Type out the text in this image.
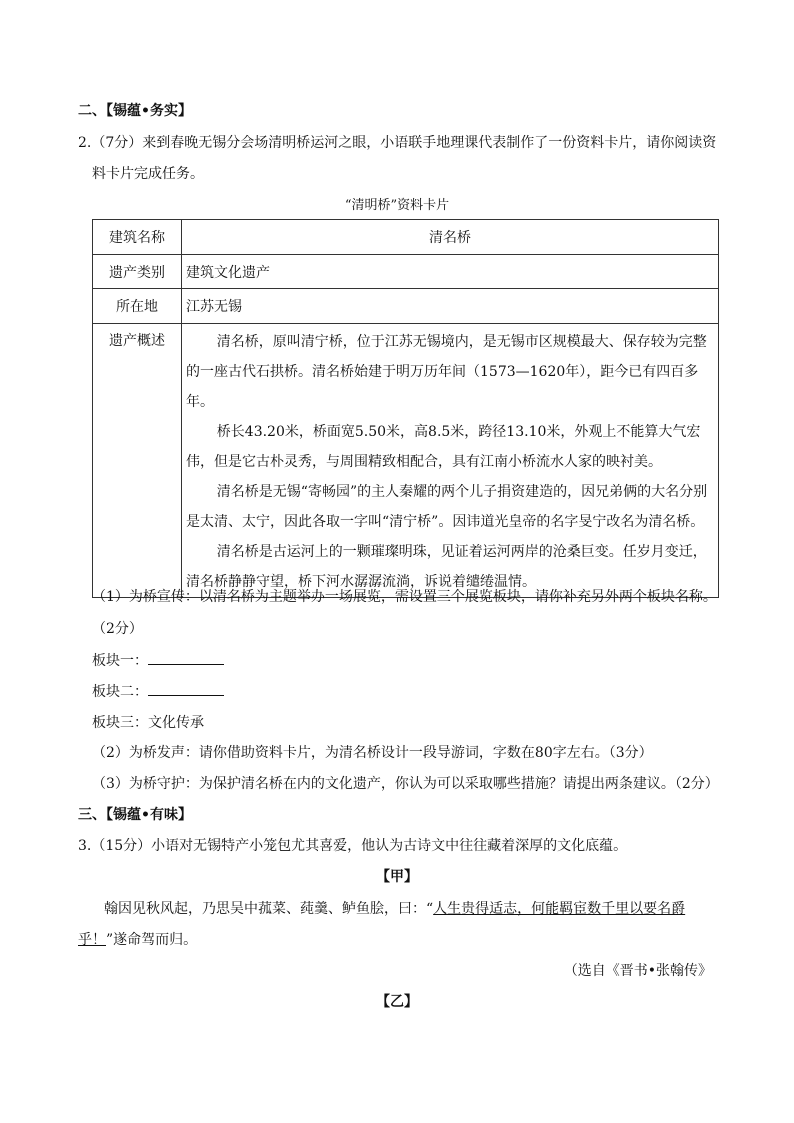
二、【锡蕴•务实】
2.（7分）来到春晚无锡分会场清明桥运河之眼，小语联手地理课代表制作了一份资料卡片，请你阅读资
料卡片完成任务。
“清明桥”资料卡片
建筑名称	清名桥
遗产类别	建筑文化遗产
所在地	江苏无锡
遗产概述	清名桥，原叫清宁桥，位于江苏无锡境内，是无锡市区规模最大、保存较为完整的一座古代石拱桥。清名桥始建于明万历年间（1573—1620年），距今已有四百多年。

桥长43.20米，桥面宽5.50米，高8.5米，跨径13.10米，外观上不能算大气宏伟，但是它古朴灵秀，与周围精致相配合，具有江南小桥流水人家的映衬美。

清名桥是无锡“寄畅园”的主人秦耀的两个儿子捐资建造的，因兄弟俩的大名分别是太清、太宁，因此各取一字叫“清宁桥”。因讳道光皇帝的名字旻宁改名为清名桥。

清名桥是古运河上的一颗璀璨明珠，见证着运河两岸的沧桑巨变。任岁月变迁，清名桥静静守望，桥下河水潺潺流淌，诉说着缱绻温情。

（1）为桥宣传：以清名桥为主题举办一场展览，需设置三个展览板块，请你补充另外两个板块名称。
（2分）
板块一：
板块二：
板块三：文化传承
（2）为桥发声：请你借助资料卡片，为清名桥设计一段导游词，字数在80字左右。（3分）
（3）为桥守护：为保护清名桥在内的文化遗产，你认为可以采取哪些措施？请提出两条建议。（2分）
三、【锡蕴•有味】
3.（15分）小语对无锡特产小笼包尤其喜爱，他认为古诗文中往往藏着深厚的文化底蕴。
【甲】
翰因见秋风起，乃思吴中菰菜、莼羹、鲈鱼脍，曰：“人生贵得适志，何能羁宦数千里以要名爵
乎！”遂命驾而归。
（选自《晋书•张翰传》
【乙】
